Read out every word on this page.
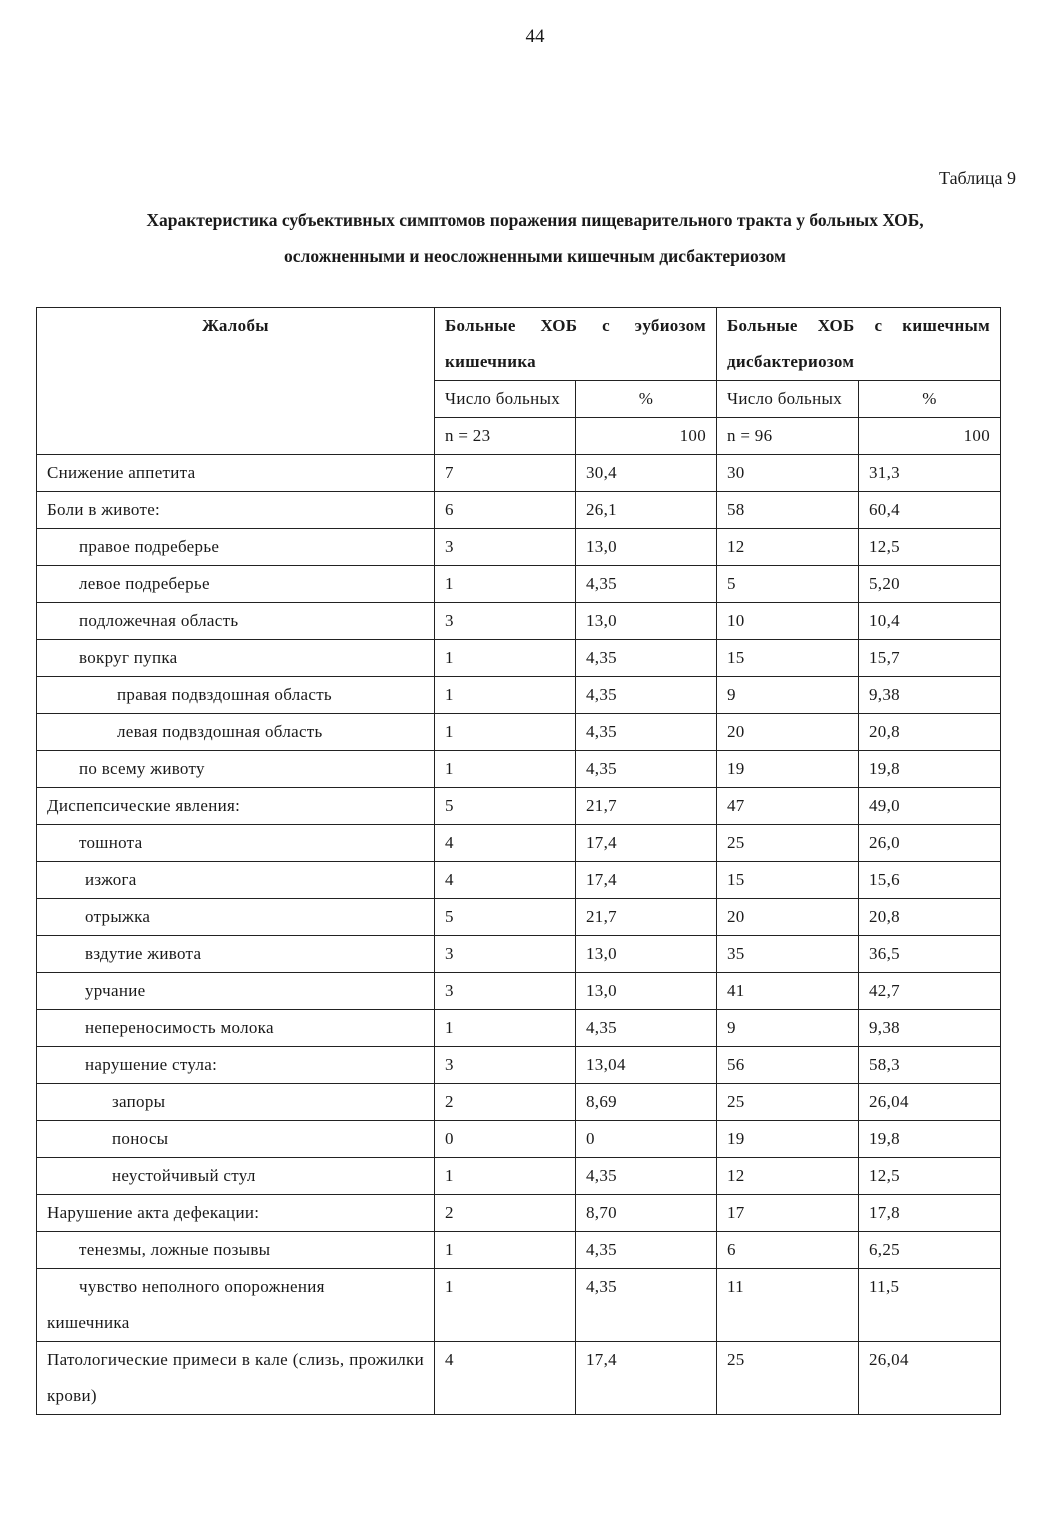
44
Таблица 9
Характеристика субъективных симптомов поражения пищеварительного тракта у больных ХОБ,
осложненными и неосложненными кишечным дисбактериозом
Жалобы	Больные ХОБ с эубиозом кишечника		Больные ХОБ с кишечным дисбактериозом	
	Число больных	%	Число больных	%
	n = 23	100	n = 96	100

Снижение аппетита	7	30,4	30	31,3

Боли в животе:	6	26,1	58	60,4

правое подреберье	3	13,0	12	12,5

левое подреберье	1	4,35	5	5,20

подложечная область	3	13,0	10	10,4

вокруг пупка	1	4,35	15	15,7

правая подвздошная область	1	4,35	9	9,38

левая подвздошная область	1	4,35	20	20,8

по всему животу	1	4,35	19	19,8

Диспепсические явления:	5	21,7	47	49,0

тошнота	4	17,4	25	26,0

изжога	4	17,4	15	15,6

отрыжка	5	21,7	20	20,8

вздутие живота	3	13,0	35	36,5

урчание	3	13,0	41	42,7

непереносимость молока	1	4,35	9	9,38

нарушение стула:	3	13,04	56	58,3

запоры	2	8,69	25	26,04

поносы	0	0	19	19,8

неустойчивый стул	1	4,35	12	12,5

Нарушение акта дефекации:	2	8,70	17	17,8

тенезмы, ложные позывы	1	4,35	6	6,25

чувство неполного опорожнения
кишечника	1	4,35	11	11,5

Патологические примеси в кале (слизь, прожилки крови)	4	17,4	25	26,04
